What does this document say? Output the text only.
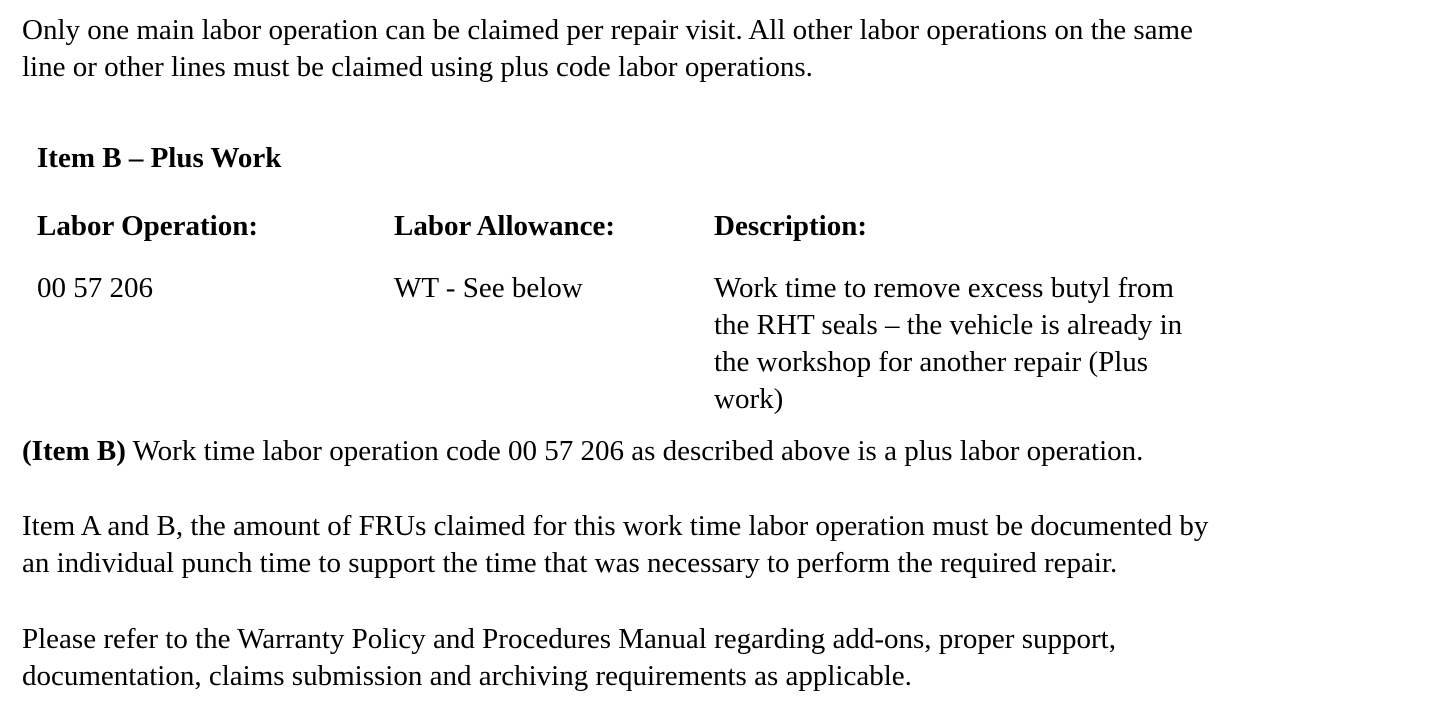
Only one main labor operation can be claimed per repair visit. All other labor operations on the same
line or other lines must be claimed using plus code labor operations.

Item B – Plus Work
Labor Operation:	Labor Allowance:	Description:
00 57 206	WT - See below	Work time to remove excess butyl from
the RHT seals – the vehicle is already in
the workshop for another repair (Plus
work)

(Item B) Work time labor operation code 00 57 206 as described above is a plus labor operation.

Item A and B, the amount of FRUs claimed for this work time labor operation must be documented by
an individual punch time to support the time that was necessary to perform the required repair.

Please refer to the Warranty Policy and Procedures Manual regarding add-ons, proper support,
documentation, claims submission and archiving requirements as applicable.
